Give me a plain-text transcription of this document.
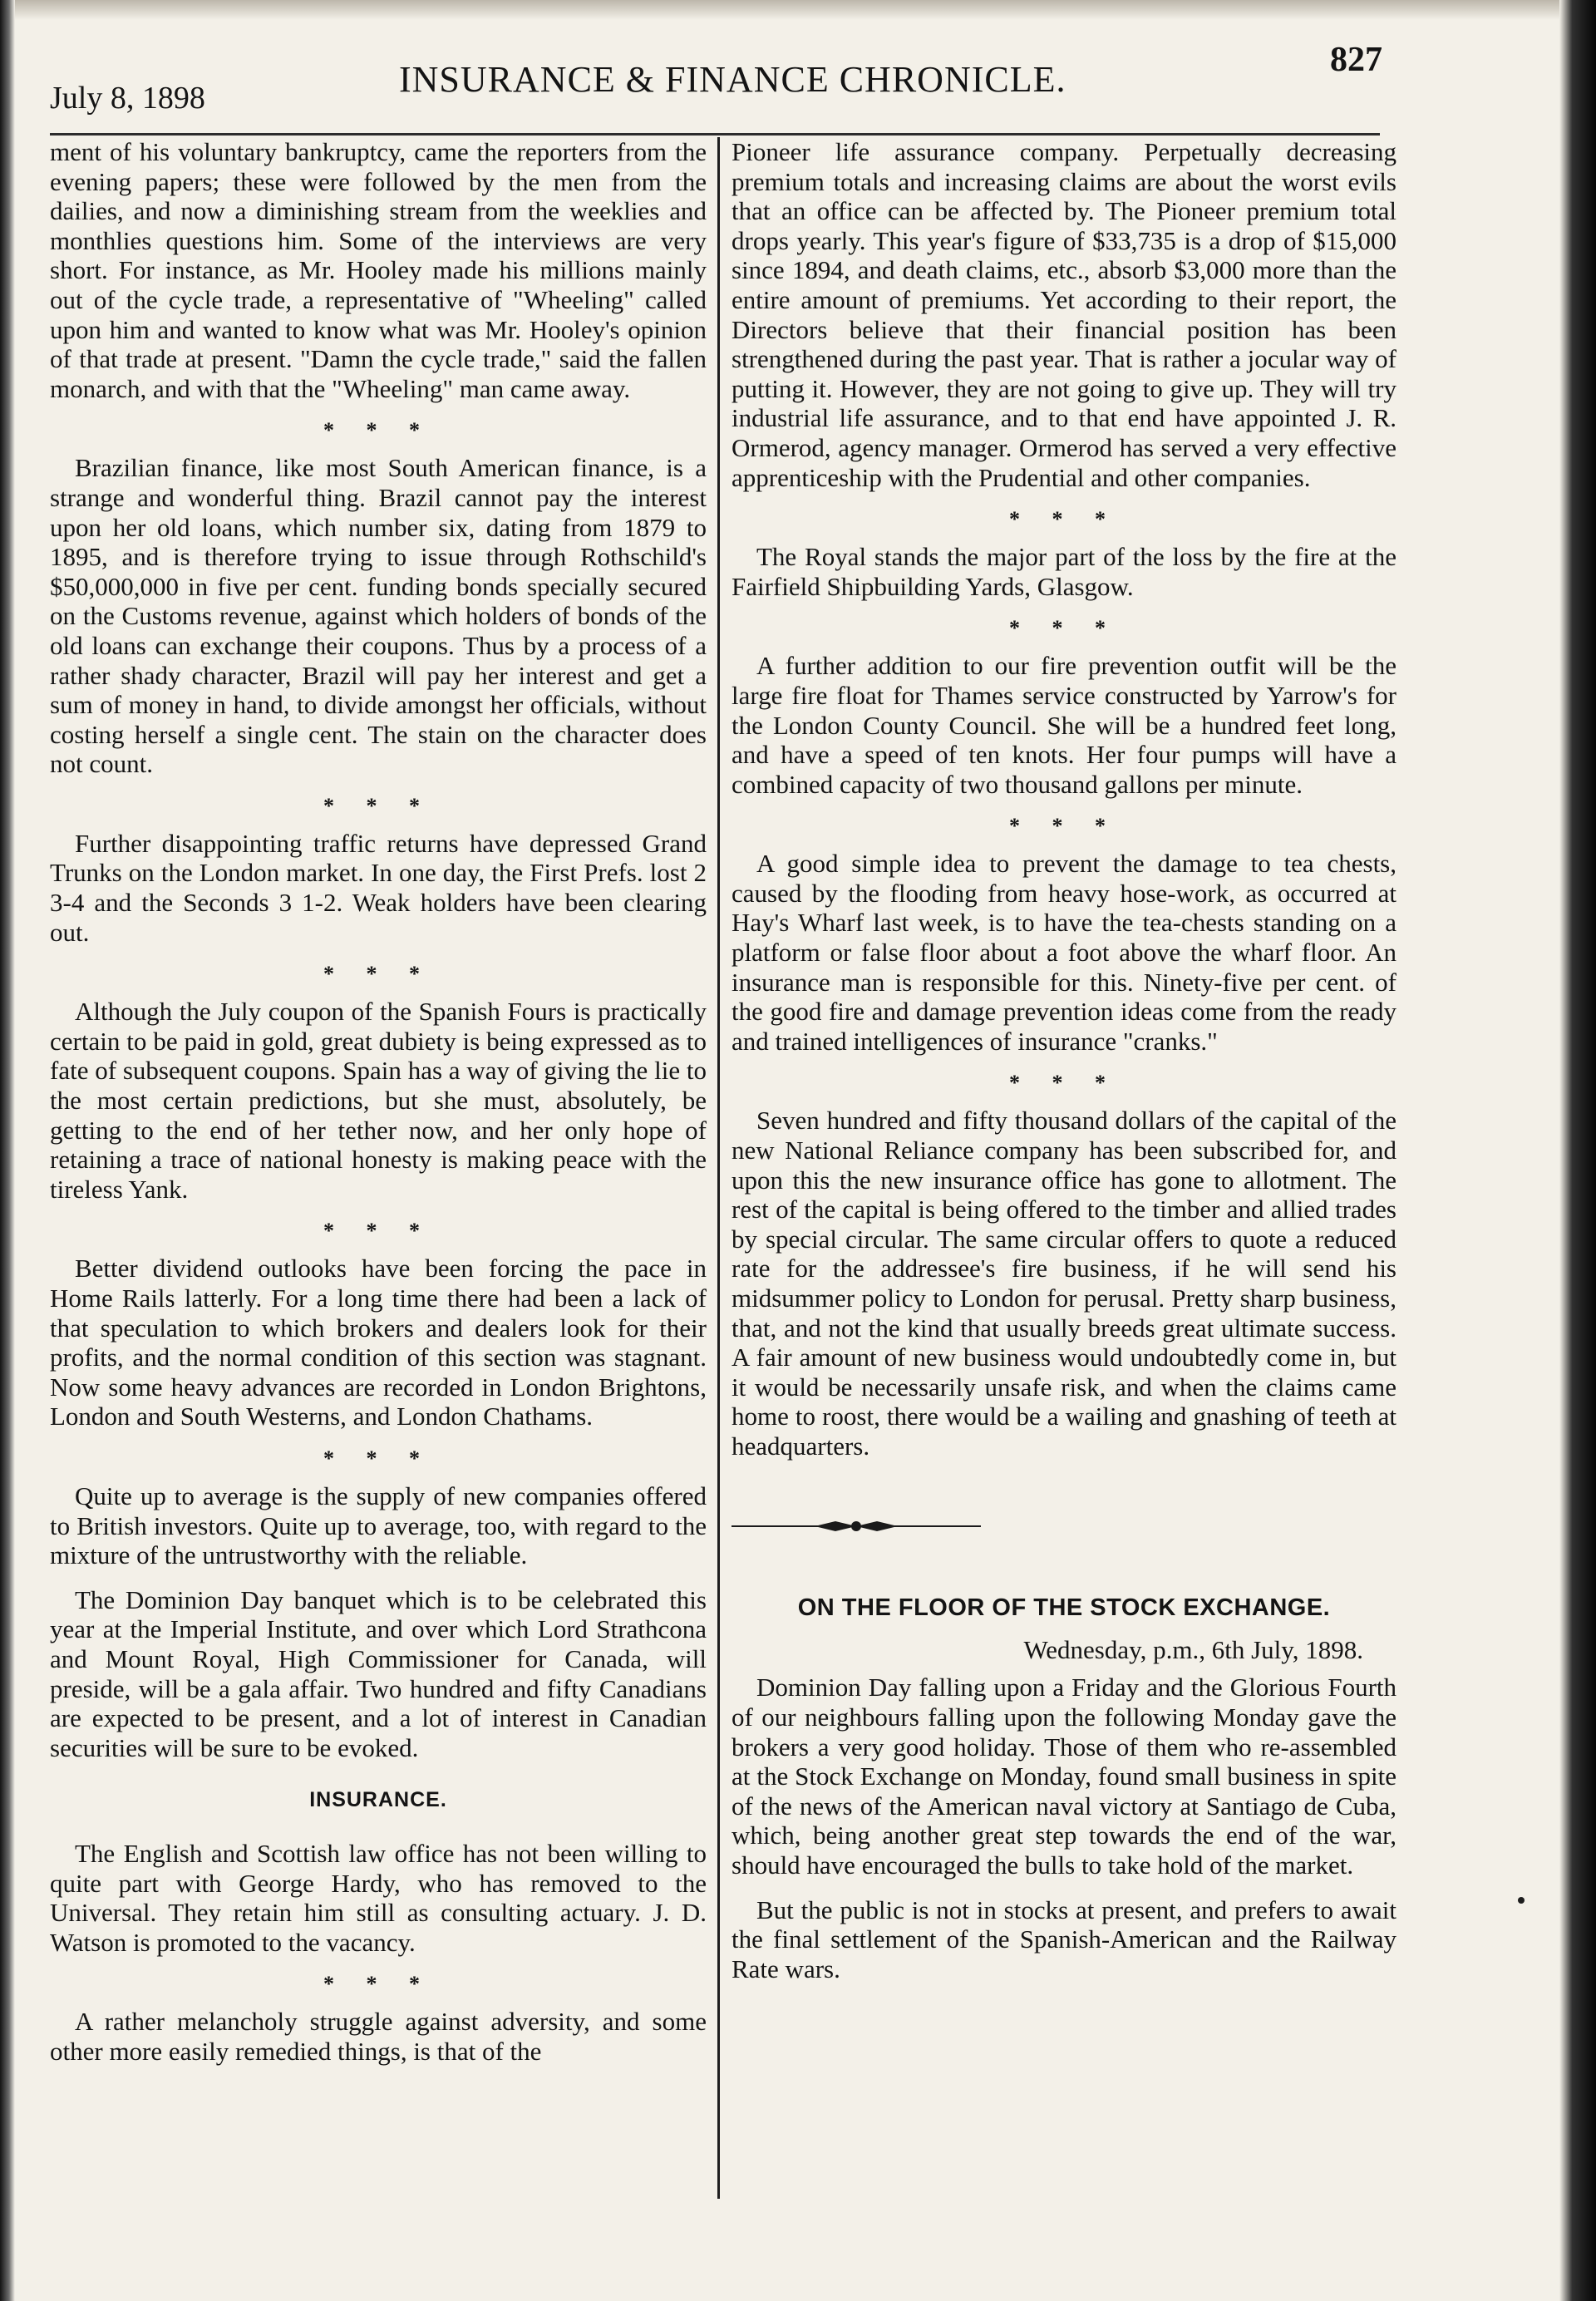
July 8, 1898	INSURANCE & FINANCE CHRONICLE.	827

ment of his voluntary bankruptcy, came the reporters from the evening papers; these were followed by the men from the dailies, and now a diminishing stream from the weeklies and monthlies questions him. Some of the interviews are very short. For instance, as Mr. Hooley made his millions mainly out of the cycle trade, a representative of "Wheeling" called upon him and wanted to know what was Mr. Hooley's opinion of that trade at present. "Damn the cycle trade," said the fallen monarch, and with that the "Wheeling" man came away.

* * *

Brazilian finance, like most South American finance, is a strange and wonderful thing. Brazil cannot pay the interest upon her old loans, which number six, dating from 1879 to 1895, and is therefore trying to issue through Rothschild's $50,000,000 in five per cent. funding bonds specially secured on the Customs revenue, against which holders of bonds of the old loans can exchange their coupons. Thus by a process of a rather shady character, Brazil will pay her interest and get a sum of money in hand, to divide amongst her officials, without costing herself a single cent. The stain on the character does not count.

* * *

Further disappointing traffic returns have depressed Grand Trunks on the London market. In one day, the First Prefs. lost 2 3-4 and the Seconds 3 1-2. Weak holders have been clearing out.

* * *

Although the July coupon of the Spanish Fours is practically certain to be paid in gold, great dubiety is being expressed as to fate of subsequent coupons. Spain has a way of giving the lie to the most certain predictions, but she must, absolutely, be getting to the end of her tether now, and her only hope of retaining a trace of national honesty is making peace with the tireless Yank.

* * *

Better dividend outlooks have been forcing the pace in Home Rails latterly. For a long time there had been a lack of that speculation to which brokers and dealers look for their profits, and the normal condition of this section was stagnant. Now some heavy advances are recorded in London Brightons, London and South Westerns, and London Chathams.

* * *

Quite up to average is the supply of new companies offered to British investors. Quite up to average, too, with regard to the mixture of the untrustworthy with the reliable.

The Dominion Day banquet which is to be celebrated this year at the Imperial Institute, and over which Lord Strathcona and Mount Royal, High Commissioner for Canada, will preside, will be a gala affair. Two hundred and fifty Canadians are expected to be present, and a lot of interest in Canadian securities will be sure to be evoked.

INSURANCE.

The English and Scottish law office has not been willing to quite part with George Hardy, who has removed to the Universal. They retain him still as consulting actuary. J. D. Watson is promoted to the vacancy.

* * *

A rather melancholy struggle against adversity, and some other more easily remedied things, is that of the

Pioneer life assurance company. Perpetually decreasing premium totals and increasing claims are about the worst evils that an office can be affected by. The Pioneer premium total drops yearly. This year's figure of $33,735 is a drop of $15,000 since 1894, and death claims, etc., absorb $3,000 more than the entire amount of premiums. Yet according to their report, the Directors believe that their financial position has been strengthened during the past year. That is rather a jocular way of putting it. However, they are not going to give up. They will try industrial life assurance, and to that end have appointed J. R. Ormerod, agency manager. Ormerod has served a very effective apprenticeship with the Prudential and other companies.

* * *

The Royal stands the major part of the loss by the fire at the Fairfield Shipbuilding Yards, Glasgow.

* * *

A further addition to our fire prevention outfit will be the large fire float for Thames service constructed by Yarrow's for the London County Council. She will be a hundred feet long, and have a speed of ten knots. Her four pumps will have a combined capacity of two thousand gallons per minute.

* * *

A good simple idea to prevent the damage to tea chests, caused by the flooding from heavy hose-work, as occurred at Hay's Wharf last week, is to have the tea-chests standing on a platform or false floor about a foot above the wharf floor. An insurance man is responsible for this. Ninety-five per cent. of the good fire and damage prevention ideas come from the ready and trained intelligences of insurance "cranks."

* * *

Seven hundred and fifty thousand dollars of the capital of the new National Reliance company has been subscribed for, and upon this the new insurance office has gone to allotment. The rest of the capital is being offered to the timber and allied trades by special circular. The same circular offers to quote a reduced rate for the addressee's fire business, if he will send his midsummer policy to London for perusal. Pretty sharp business, that, and not the kind that usually breeds great ultimate success. A fair amount of new business would undoubtedly come in, but it would be necessarily unsafe risk, and when the claims came home to roost, there would be a wailing and gnashing of teeth at headquarters.

ON THE FLOOR OF THE STOCK EXCHANGE.
Wednesday, p.m., 6th July, 1898.

Dominion Day falling upon a Friday and the Glorious Fourth of our neighbours falling upon the following Monday gave the brokers a very good holiday. Those of them who re-assembled at the Stock Exchange on Monday, found small business in spite of the news of the American naval victory at Santiago de Cuba, which, being another great step towards the end of the war, should have encouraged the bulls to take hold of the market.

But the public is not in stocks at present, and prefers to await the final settlement of the Spanish-American and the Railway Rate wars.
